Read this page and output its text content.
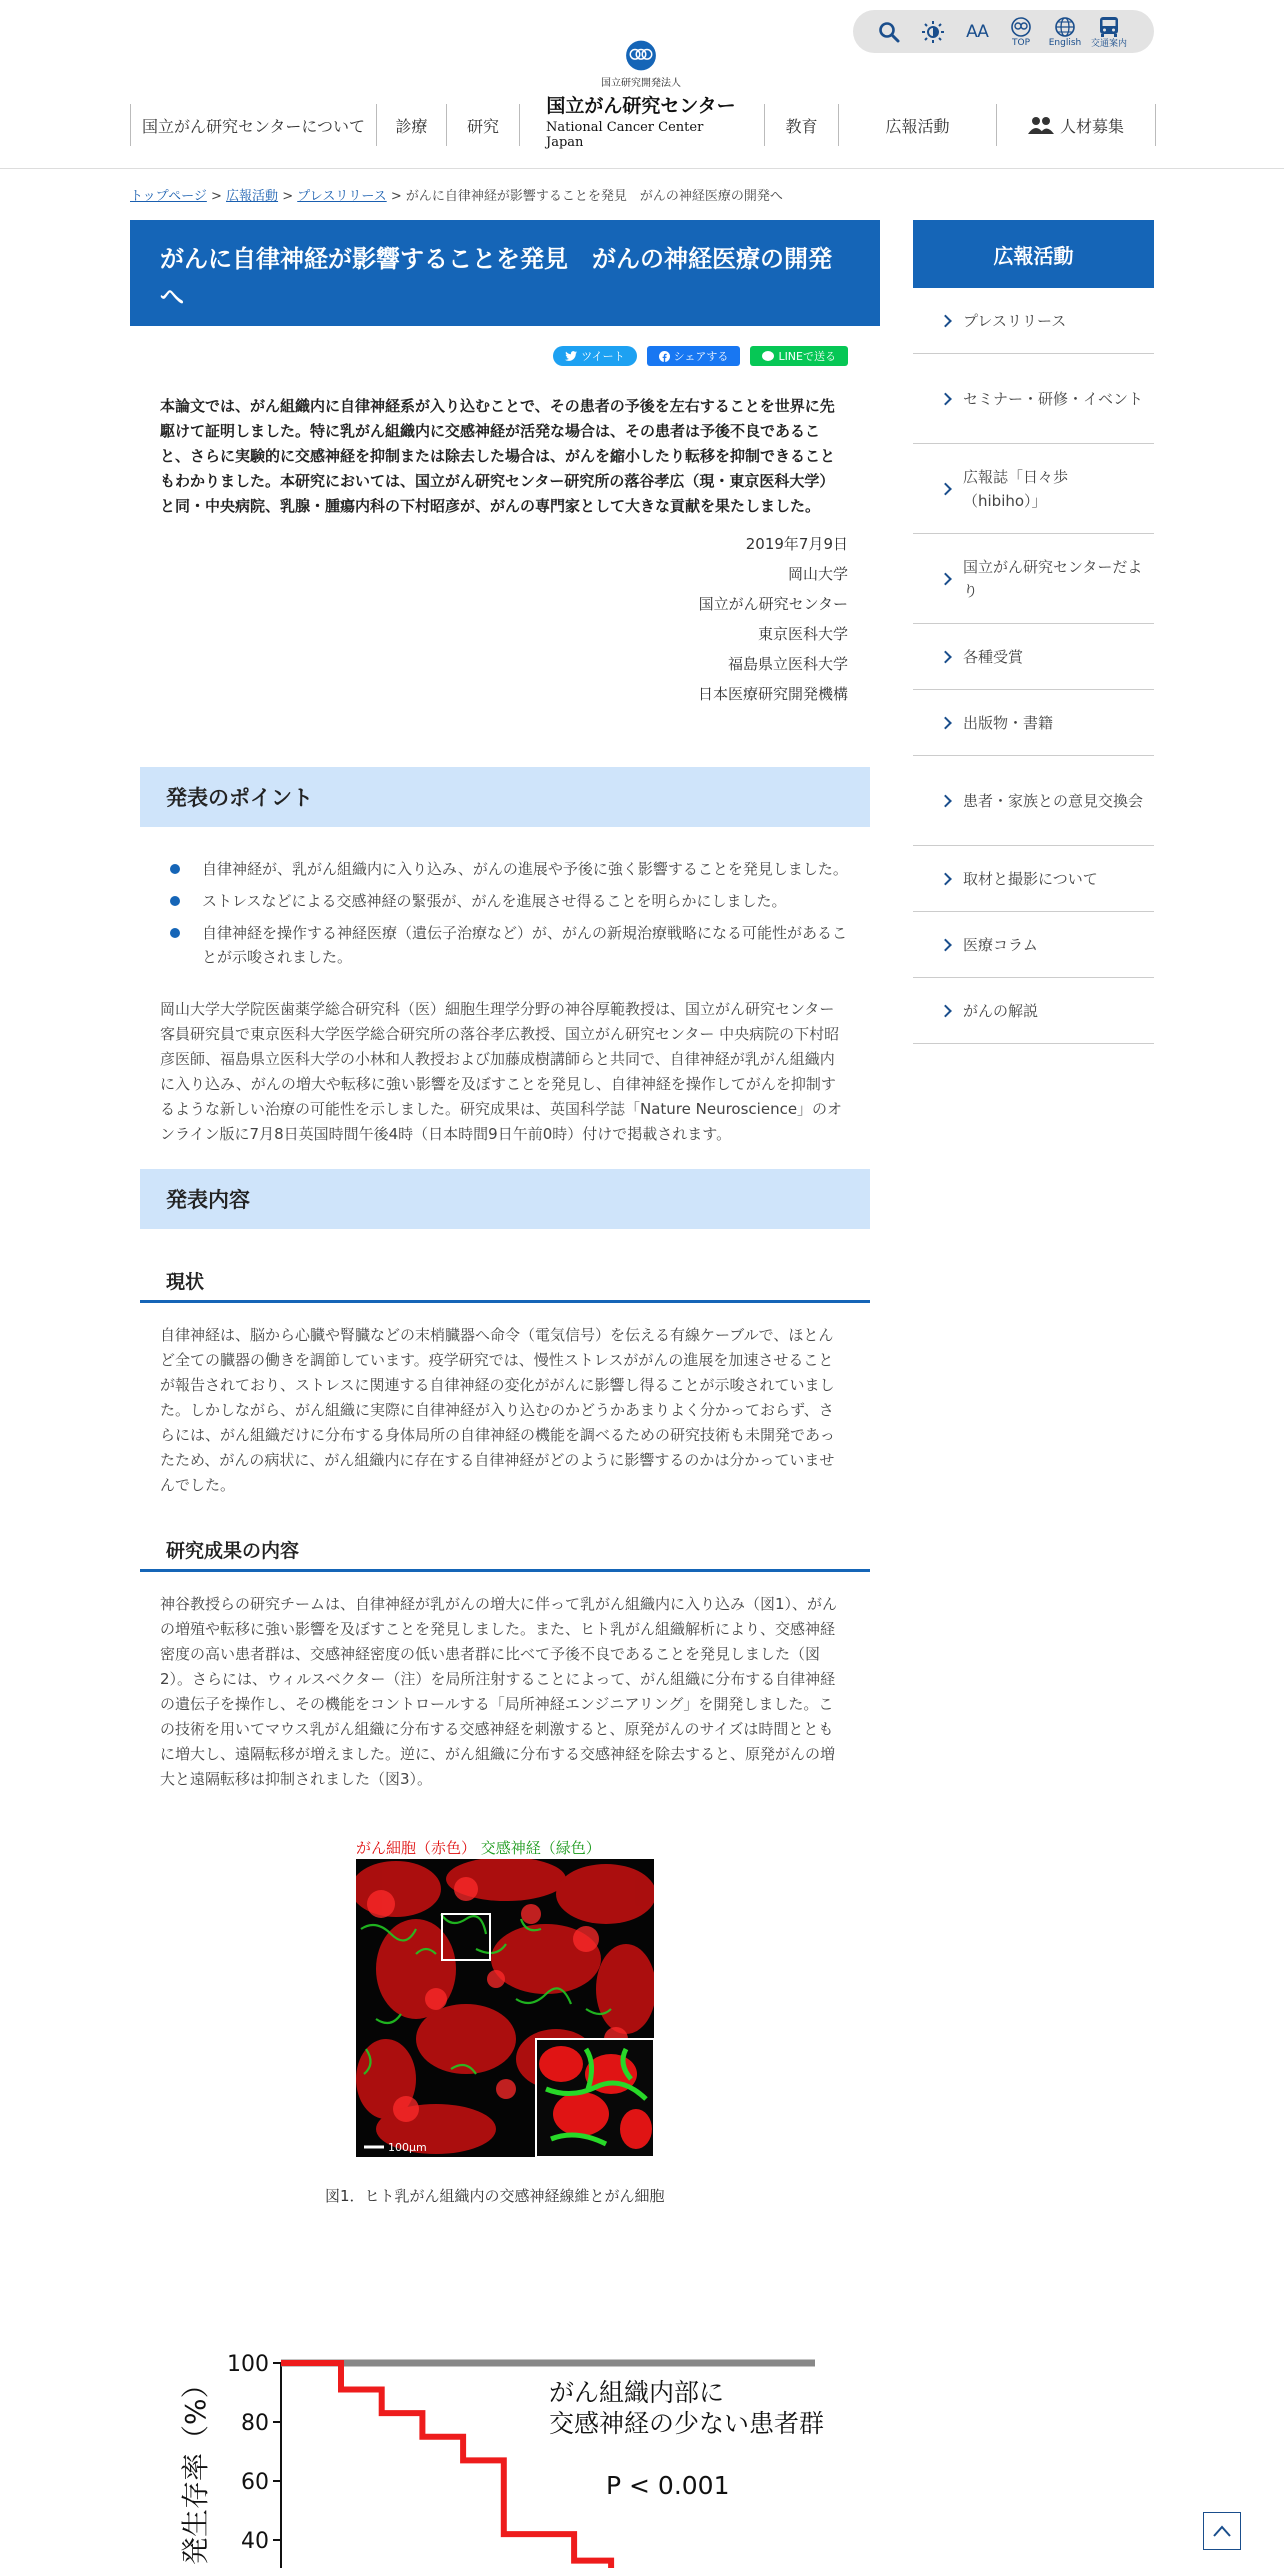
AA
TOP English 交通案内
国立研究開発法人
国立がん研究センター
National Cancer Center Japan
国立がん研究センターについて	診療	研究	教育	広報活動	人材募集
トップページ > 広報活動 > プレスリリース > がんに自律神経が影響することを発見　がんの神経医療の開発へ
がんに自律神経が影響することを発見　がんの神経医療の開発へ
ツイート	シェアする	LINEで送る

本論文では、がん組織内に自律神経系が入り込むことで、その患者の予後を左右することを世界に先駆けて証明しました。特に乳がん組織内に交感神経が活発な場合は、その患者は予後不良であること、さらに実験的に交感神経を抑制または除去した場合は、がんを縮小したり転移を抑制できることもわかりました。本研究においては、国立がん研究センター研究所の落谷孝広（現・東京医科大学）と同・中央病院、乳腺・腫瘍内科の下村昭彦が、がんの専門家として大きな貢献を果たしました。

2019年7月9日
岡山大学
国立がん研究センター
東京医科大学
福島県立医科大学
日本医療研究開発機構
発表のポイント
自律神経が、乳がん組織内に入り込み、がんの進展や予後に強く影響することを発見しました。
ストレスなどによる交感神経の緊張が、がんを進展させ得ることを明らかにしました。
自律神経を操作する神経医療（遺伝子治療など）が、がんの新規治療戦略になる可能性があることが示唆されました。

岡山大学大学院医歯薬学総合研究科（医）細胞生理学分野の神谷厚範教授は、国立がん研究センター客員研究員で東京医科大学医学総合研究所の落谷孝広教授、国立がん研究センター 中央病院の下村昭彦医師、福島県立医科大学の小林和人教授および加藤成樹講師らと共同で、自律神経が乳がん組織内に入り込み、がんの増大や転移に強い影響を及ぼすことを発見し、自律神経を操作してがんを抑制するような新しい治療の可能性を示しました。研究成果は、英国科学誌「Nature Neuroscience」のオンライン版に7月8日英国時間午後4時（日本時間9日午前0時）付けで掲載されます。

発表内容
現状

自律神経は、脳から心臓や腎臓などの末梢臓器へ命令（電気信号）を伝える有線ケーブルで、ほとんど全ての臓器の働きを調節しています。疫学研究では、慢性ストレスががんの進展を加速させることが報告されており、ストレスに関連する自律神経の変化ががんに影響し得ることが示唆されていました。しかしながら、がん組織に実際に自律神経が入り込むのかどうかあまりよく分かっておらず、さらには、がん組織だけに分布する身体局所の自律神経の機能を調べるための研究技術も未開発であったため、がんの病状に、がん組織内に存在する自律神経がどのように影響するのかは分かっていませんでした。

研究成果の内容

神谷教授らの研究チームは、自律神経が乳がんの増大に伴って乳がん組織内に入り込み（図1）、がんの増殖や転移に強い影響を及ぼすことを発見しました。また、ヒト乳がん組織解析により、交感神経密度の高い患者群は、交感神経密度の低い患者群に比べて予後不良であることを発見しました（図2）。さらには、ウィルスベクター（注）を局所注射することによって、がん組織に分布する自律神経の遺伝子を操作し、その機能をコントロールする「局所神経エンジニアリング」を開発しました。この技術を用いてマウス乳がん組織に分布する交感神経を刺激すると、原発がんのサイズは時間とともに増大し、遠隔転移が増えました。逆に、がん組織に分布する交感神経を除去すると、原発がんの増大と遠隔転移は抑制されました（図3）。

がん細胞（赤色） 交感神経（緑色）
100μm
図1．ヒト乳がん組織内の交感神経線維とがん細胞
発生存率（%）
100
80
60
40
がん組織内部に
交感神経の少ない患者群
P < 0.001
広報活動
プレスリリース
セミナー・研修・イベント
広報誌「日々歩（hibiho）」
国立がん研究センターだより
各種受賞
出版物・書籍
患者・家族との意見交換会
取材と撮影について
医療コラム
がんの解説
